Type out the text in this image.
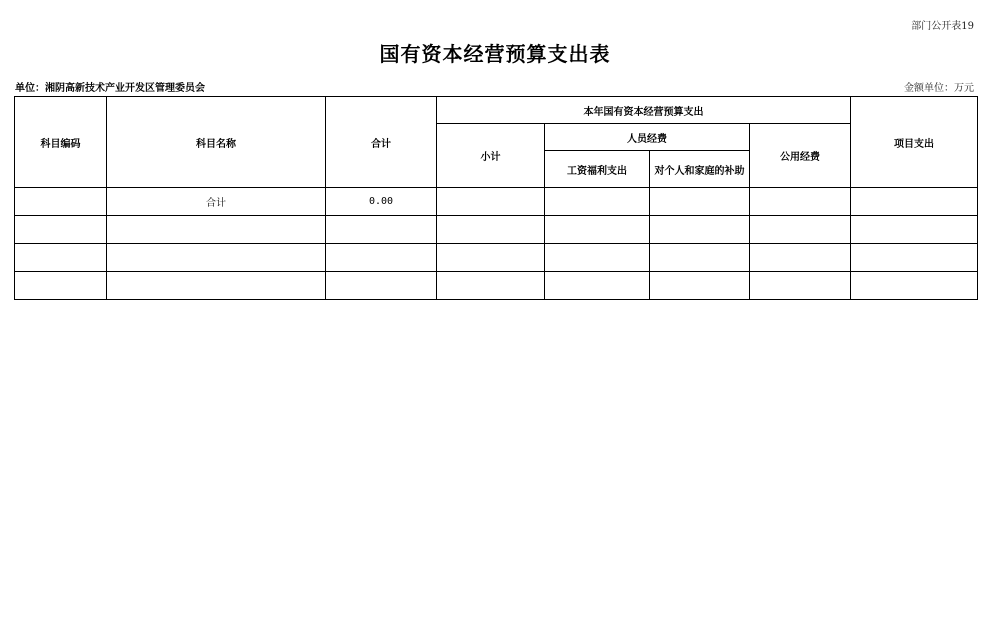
部门公开表19
国有资本经营预算支出表
单位：湘阴高新技术产业开发区管理委员会	金额单位：万元
科目编码	科目名称	合计	本年国有资本经营预算支出				项目支出
			小计	人员经费		公用经费	
				工资福利支出	对个人和家庭的补助		
	合计	0.00					
